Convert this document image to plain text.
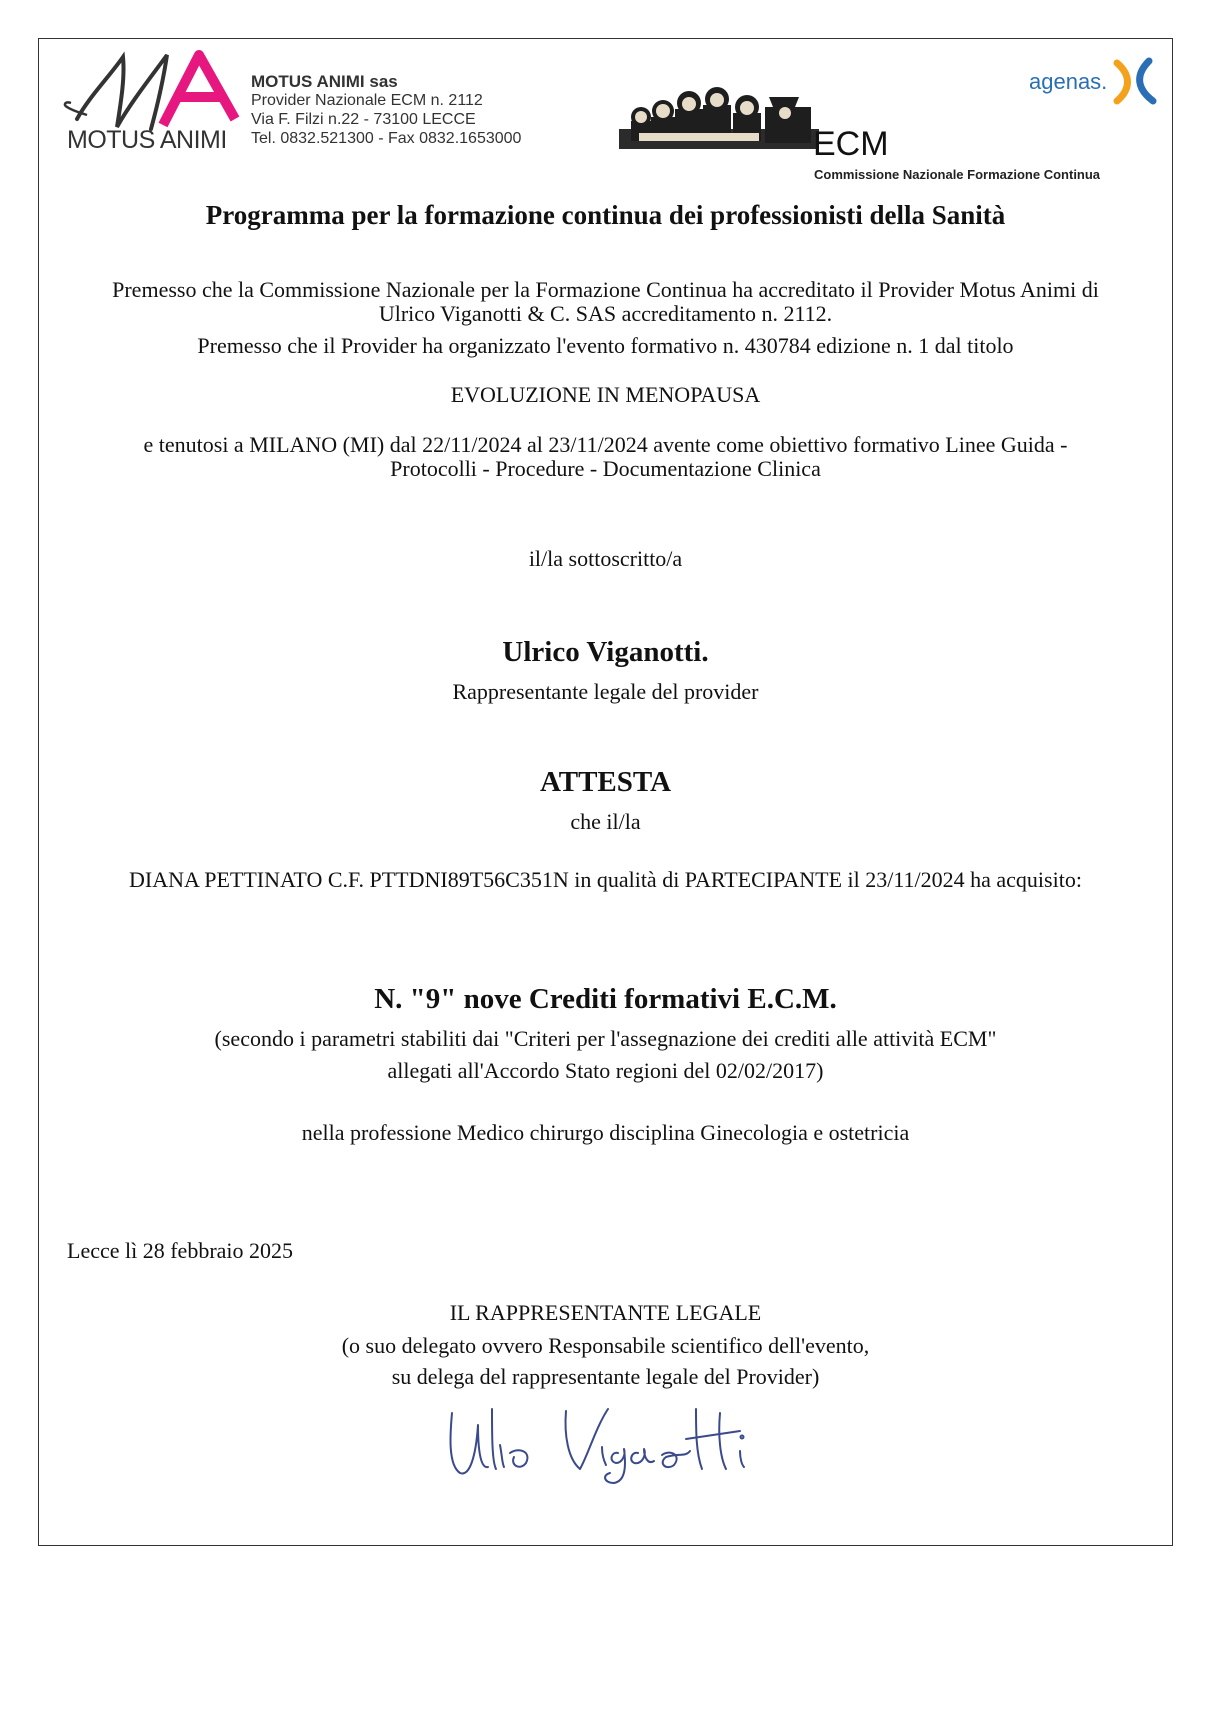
MOTUS ANIMI
MOTUS ANIMI sas
Provider Nazionale ECM n. 2112
Via F. Filzi n.22 - 73100 LECCE
Tel. 0832.521300 - Fax 0832.1653000	ECM
Commissione Nazionale Formazione Continua
agenas.
Programma per la formazione continua dei professionisti della Sanità
Premesso che la Commissione Nazionale per la Formazione Continua ha accreditato il Provider Motus Animi di
Ulrico Viganotti & C. SAS accreditamento n. 2112.
Premesso che il Provider ha organizzato l'evento formativo n. 430784 edizione n. 1 dal titolo
EVOLUZIONE IN MENOPAUSA
e tenutosi a MILANO (MI) dal 22/11/2024 al 23/11/2024 avente come obiettivo formativo Linee Guida -
Protocolli - Procedure - Documentazione Clinica
il/la sottoscritto/a
Ulrico Viganotti.
Rappresentante legale del provider
ATTESTA
che il/la
DIANA PETTINATO C.F. PTTDNI89T56C351N in qualità di PARTECIPANTE il 23/11/2024 ha acquisito:
N. "9" nove Crediti formativi E.C.M.
(secondo i parametri stabiliti dai "Criteri per l'assegnazione dei crediti alle attività ECM"
allegati all'Accordo Stato regioni del 02/02/2017)
nella professione Medico chirurgo disciplina Ginecologia e ostetricia
Lecce lì 28 febbraio 2025
IL RAPPRESENTANTE LEGALE
(o suo delegato ovvero Responsabile scientifico dell'evento,
su delega del rappresentante legale del Provider)
